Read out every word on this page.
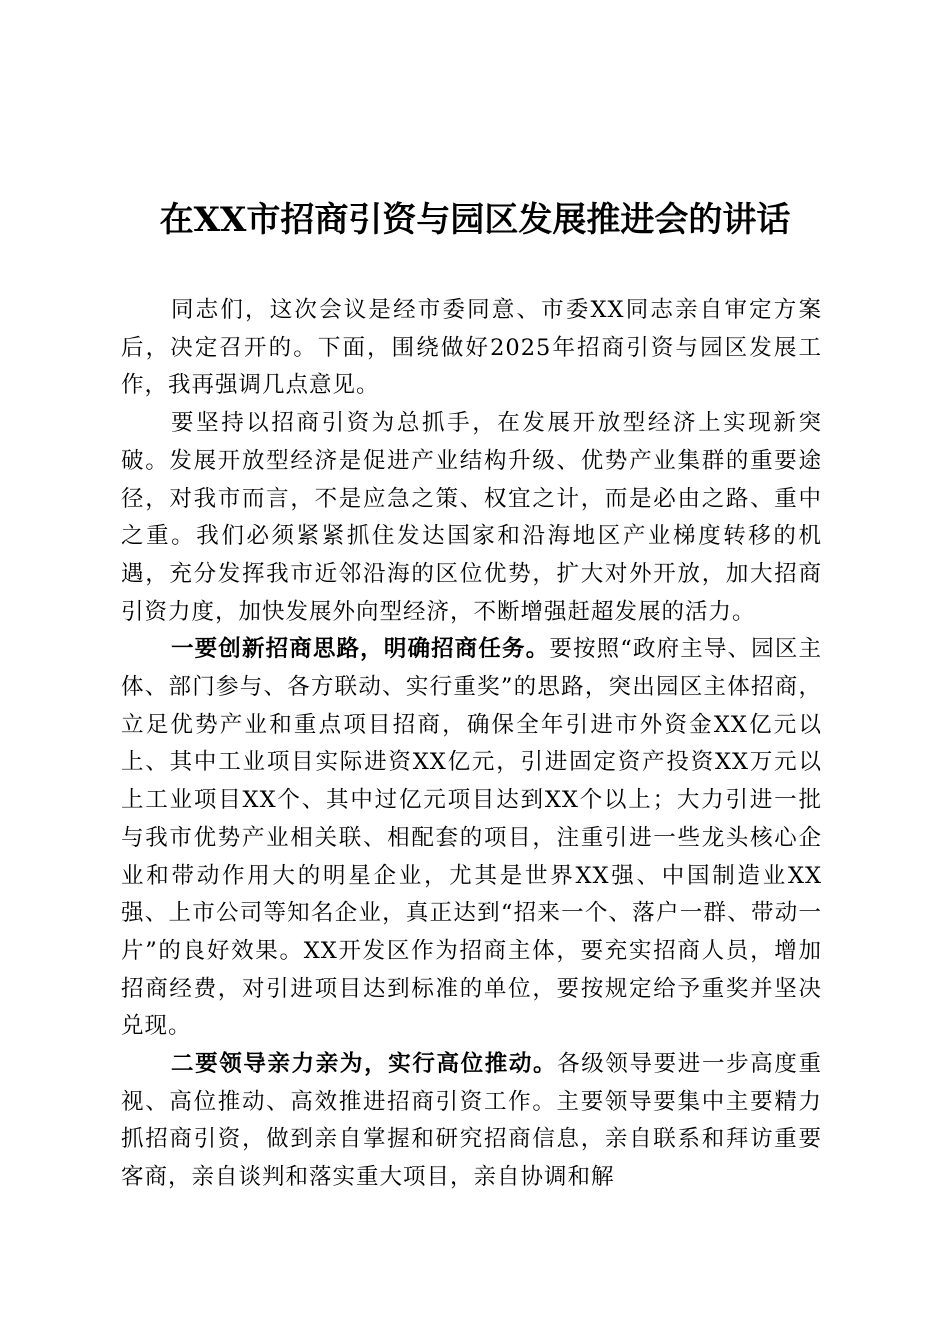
在XX市招商引资与园区发展推进会的讲话

同志们，这次会议是经市委同意、市委XX同志亲自审定方案后，决定召开的。下面，围绕做好2025年招商引资与园区发展工作，我再强调几点意见。

要坚持以招商引资为总抓手，在发展开放型经济上实现新突破。发展开放型经济是促进产业结构升级、优势产业集群的重要途径，对我市而言，不是应急之策、权宜之计，而是必由之路、重中之重。我们必须紧紧抓住发达国家和沿海地区产业梯度转移的机遇，充分发挥我市近邻沿海的区位优势，扩大对外开放，加大招商引资力度，加快发展外向型经济，不断增强赶超发展的活力。

一要创新招商思路，明确招商任务。要按照“政府主导、园区主体、部门参与、各方联动、实行重奖”的思路，突出园区主体招商，立足优势产业和重点项目招商，确保全年引进市外资金XX亿元以上、其中工业项目实际进资XX亿元，引进固定资产投资XX万元以上工业项目XX个、其中过亿元项目达到XX个以上；大力引进一批与我市优势产业相关联、相配套的项目，注重引进一些龙头核心企业和带动作用大的明星企业，尤其是世界XX强、中国制造业XX强、上市公司等知名企业，真正达到“招来一个、落户一群、带动一片”的良好效果。XX开发区作为招商主体，要充实招商人员，增加招商经费，对引进项目达到标准的单位，要按规定给予重奖并坚决兑现。

二要领导亲力亲为，实行高位推动。各级领导要进一步高度重视、高位推动、高效推进招商引资工作。主要领导要集中主要精力抓招商引资，做到亲自掌握和研究招商信息，亲自联系和拜访重要客商，亲自谈判和落实重大项目，亲自协调和解
